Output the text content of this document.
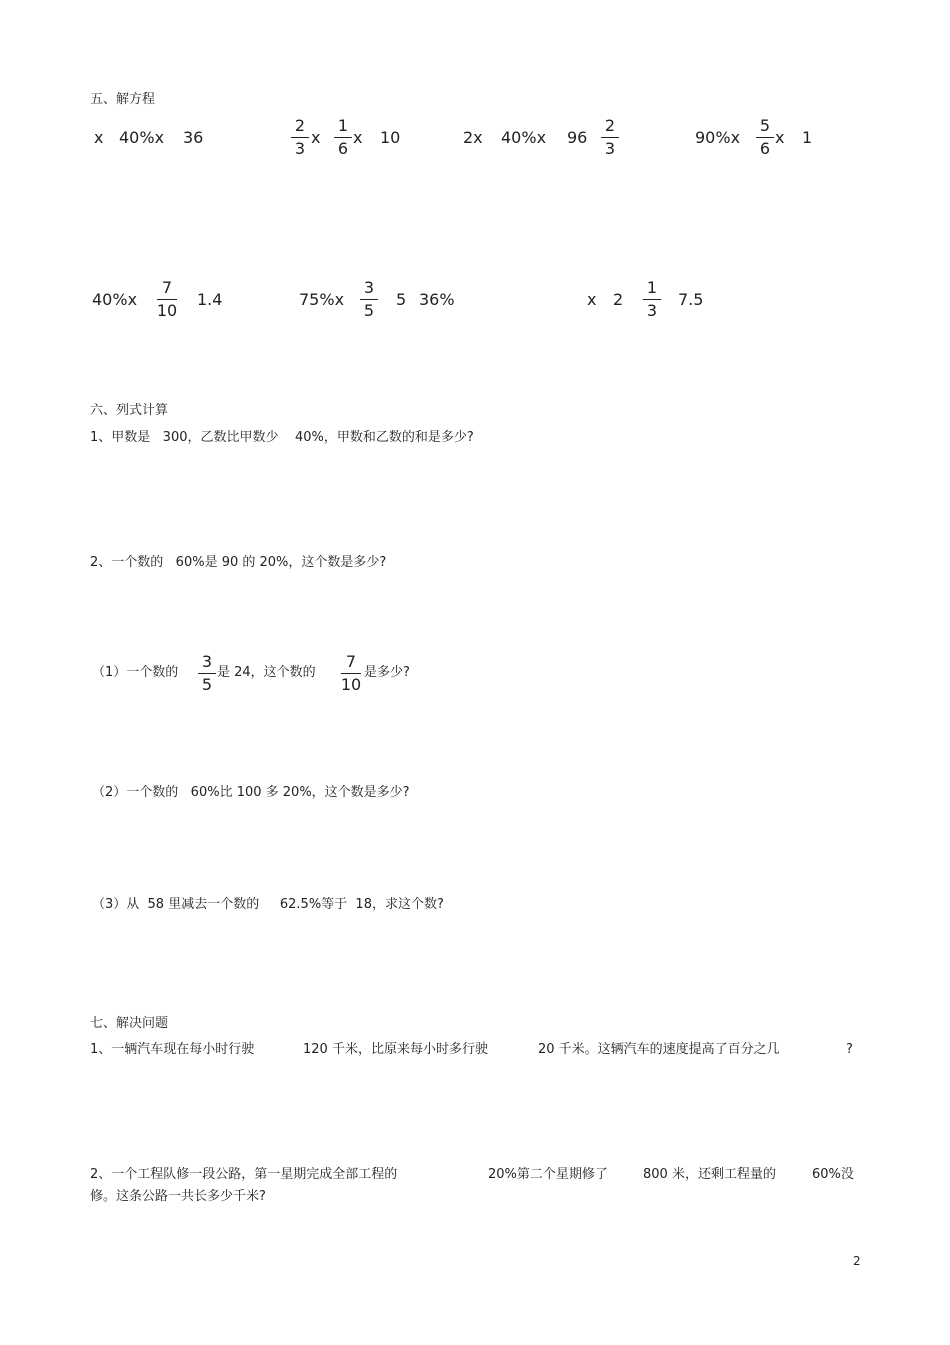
五、解方程
x 40%x 36
2
3
x
1
6
x 10	2x 40%x 96
2
3
90%x
5
6
x 1
40%x
7
10
1.4	75%x
3
5
5 36%	x 2
1
3
7.5
六、列式计算
1、甲数是   300，乙数比甲数少    40%，甲数和乙数的和是多少?
2、一个数的   60%是 90 的 20%，这个数是多少?
（1）一个数的
3
5
是 24，这个数的
7
10
是多少?
（2）一个数的   60%比 100 多 20%，这个数是多少?
（3）从  58 里减去一个数的     62.5%等于  18，求这个数?
七、解决问题
1、一辆汽车现在每小时行驶	120 千米，比原来每小时多行驶	20 千米。这辆汽车的速度提高了百分之几	?
2、一个工程队修一段公路，第一星期完成全部工程的	20%第二个星期修了	800 米，还剩工程量的	60%没
修。这条公路一共长多少千米?
2
